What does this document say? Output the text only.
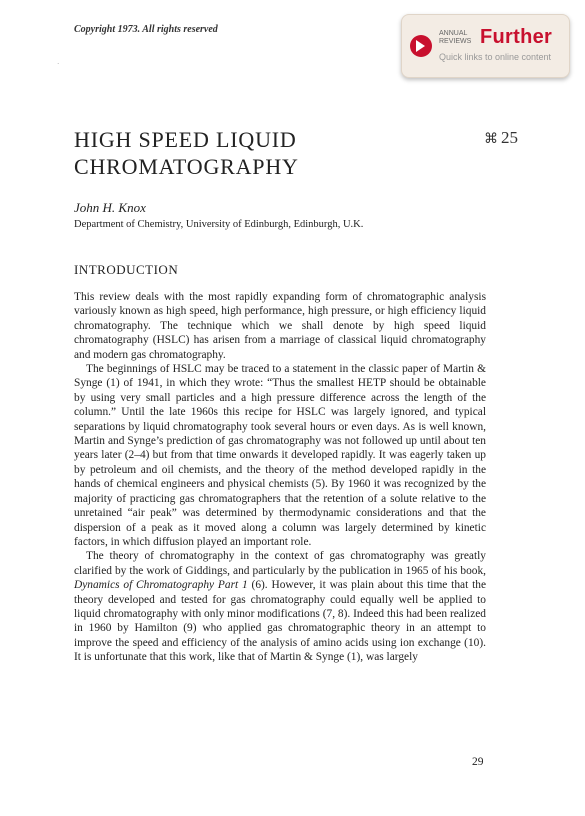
Copyright 1973. All rights reserved	ANNUAL
REVIEWS Further
Quick links to online content
·
HIGH SPEED LIQUID
CHROMATOGRAPHY
⌘ 25
John H. Knox
Department of Chemistry, University of Edinburgh, Edinburgh, U.K.
INTRODUCTION

This review deals with the most rapidly expanding form of chromatographic analysis variously known as high speed, high performance, high pressure, or high efficiency liquid chromatography. The technique which we shall denote by high speed liquid chromatography (HSLC) has arisen from a marriage of classical liquid chromatography and modern gas chromatography.

The beginnings of HSLC may be traced to a statement in the classic paper of Martin & Synge (1) of 1941, in which they wrote: “Thus the smallest HETP should be obtainable by using very small particles and a high pressure difference across the length of the column.” Until the late 1960s this recipe for HSLC was largely ignored, and typical separations by liquid chromatography took several hours or even days. As is well known, Martin and Synge’s prediction of gas chromatography was not followed up until about ten years later (2–4) but from that time onwards it developed rapidly. It was eagerly taken up by petroleum and oil chemists, and the theory of the method developed rapidly in the hands of chemical engineers and physical chemists (5). By 1960 it was recognized by the majority of practicing gas chromatographers that the retention of a solute relative to the unretained “air peak” was determined by thermodynamic considerations and that the dispersion of a peak as it moved along a column was largely determined by kinetic factors, in which diffusion played an important role.

The theory of chromatography in the context of gas chromatography was greatly clarified by the work of Giddings, and particularly by the publication in 1965 of his book, Dynamics of Chromatography Part 1 (6). However, it was plain about this time that the theory developed and tested for gas chromatography could equally well be applied to liquid chromatography with only minor modifications (7, 8). Indeed this had been realized in 1960 by Hamilton (9) who applied gas chromatographic theory in an attempt to improve the speed and efficiency of the analysis of amino acids using ion exchange (10). It is unfortunate that this work, like that of Martin & Synge (1), was largely

29
